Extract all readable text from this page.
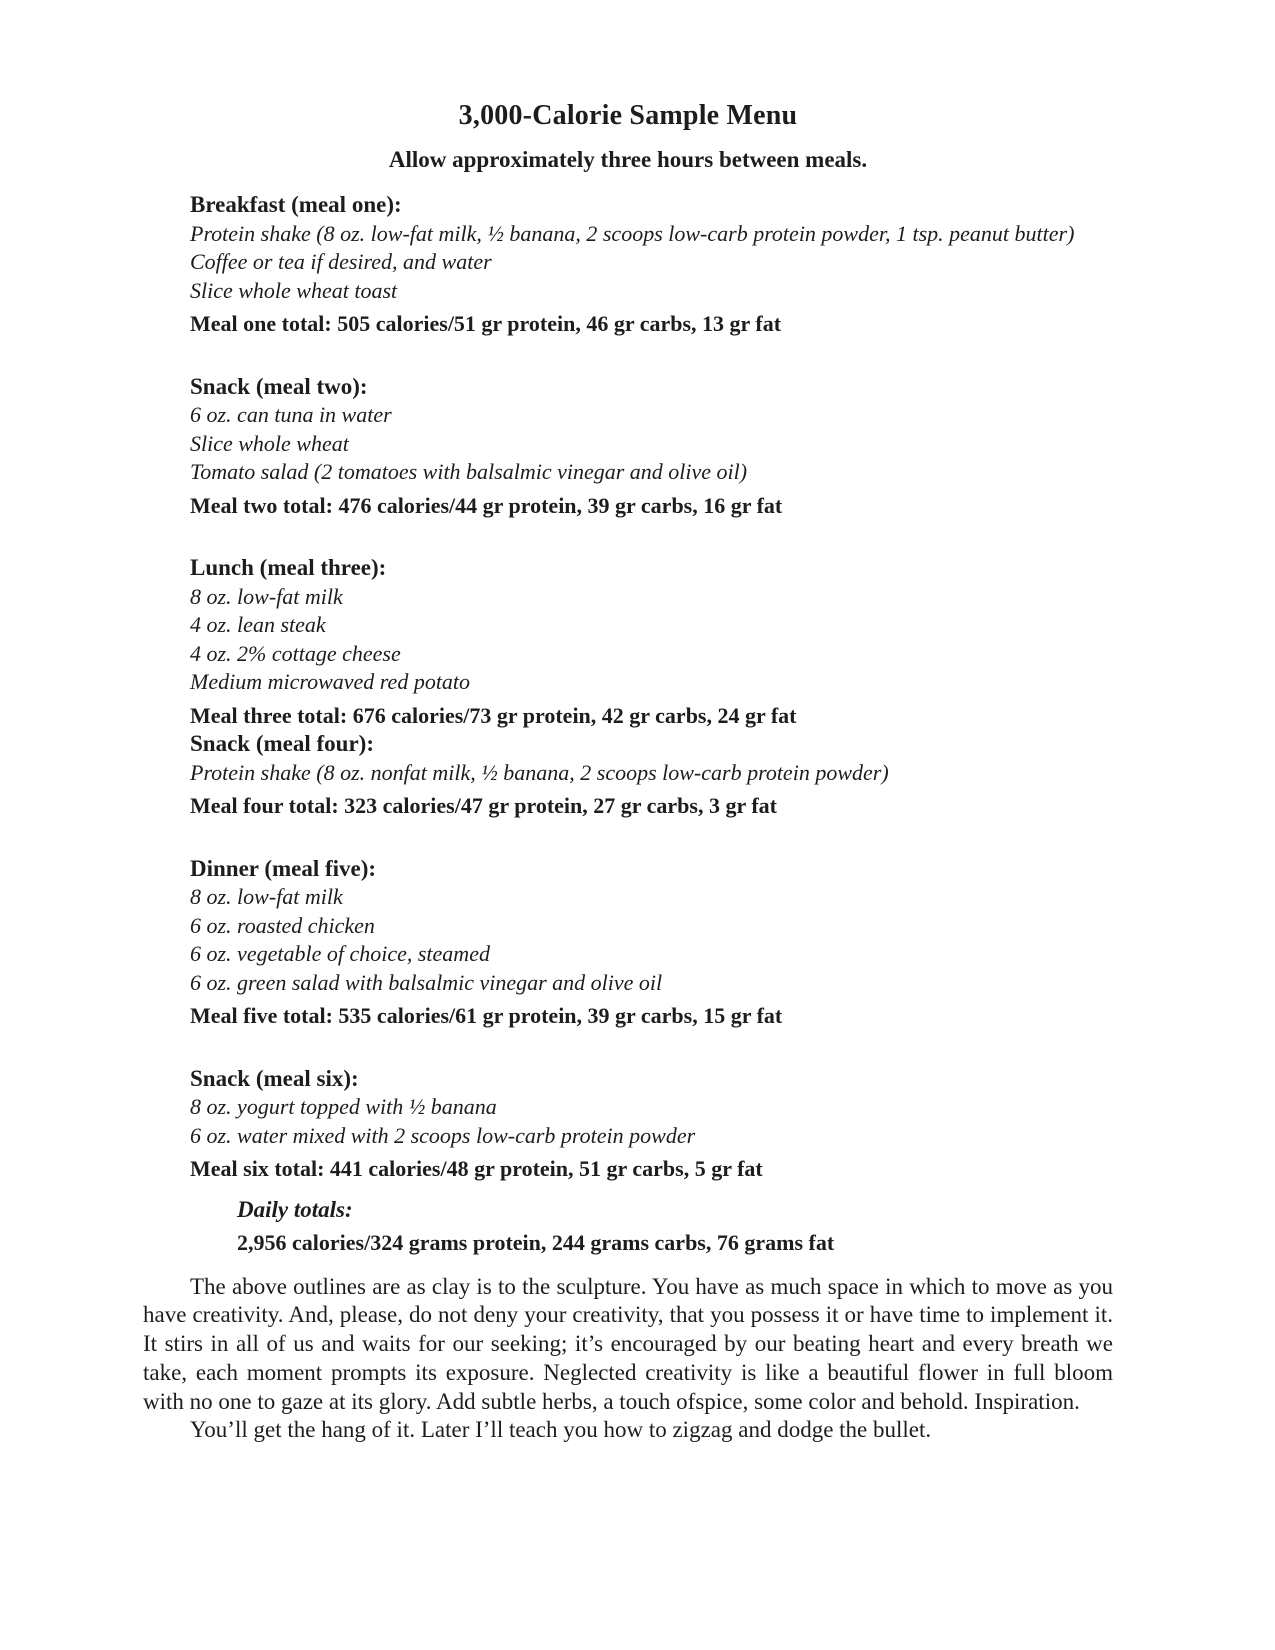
3,000-Calorie Sample Menu
Allow approximately three hours between meals.

Breakfast (meal one):

Protein shake (8 oz. low-fat milk, ½ banana, 2 scoops low-carb protein powder, 1 tsp. peanut butter)

Coffee or tea if desired, and water

Slice whole wheat toast

Meal one total: 505 calories/51 gr protein, 46 gr carbs, 13 gr fat

Snack (meal two):

6 oz. can tuna in water

Slice whole wheat

Tomato salad (2 tomatoes with balsalmic vinegar and olive oil)

Meal two total: 476 calories/44 gr protein, 39 gr carbs, 16 gr fat

Lunch (meal three):

8 oz. low-fat milk

4 oz. lean steak

4 oz. 2% cottage cheese

Medium microwaved red potato

Meal three total: 676 calories/73 gr protein, 42 gr carbs, 24 gr fat

Snack (meal four):

Protein shake (8 oz. nonfat milk, ½ banana, 2 scoops low-carb protein powder)

Meal four total: 323 calories/47 gr protein, 27 gr carbs, 3 gr fat

Dinner (meal five):

8 oz. low-fat milk

6 oz. roasted chicken

6 oz. vegetable of choice, steamed

6 oz. green salad with balsalmic vinegar and olive oil

Meal five total: 535 calories/61 gr protein, 39 gr carbs, 15 gr fat

Snack (meal six):

8 oz. yogurt topped with ½ banana

6 oz. water mixed with 2 scoops low-carb protein powder

Meal six total: 441 calories/48 gr protein, 51 gr carbs, 5 gr fat

Daily totals:

2,956 calories/324 grams protein, 244 grams carbs, 76 grams fat

The above outlines are as clay is to the sculpture. You have as much space in which to move as you have creativity. And, please, do not deny your creativity, that you possess it or have time to implement it. It stirs in all of us and waits for our seeking; it’s encouraged by our beating heart and every breath we take, each moment prompts its exposure. Neglected creativity is like a beautiful flower in full bloom with no one to gaze at its glory. Add subtle herbs, a touch ofspice, some color and behold. Inspiration.

You’ll get the hang of it. Later I’ll teach you how to zigzag and dodge the bullet.
